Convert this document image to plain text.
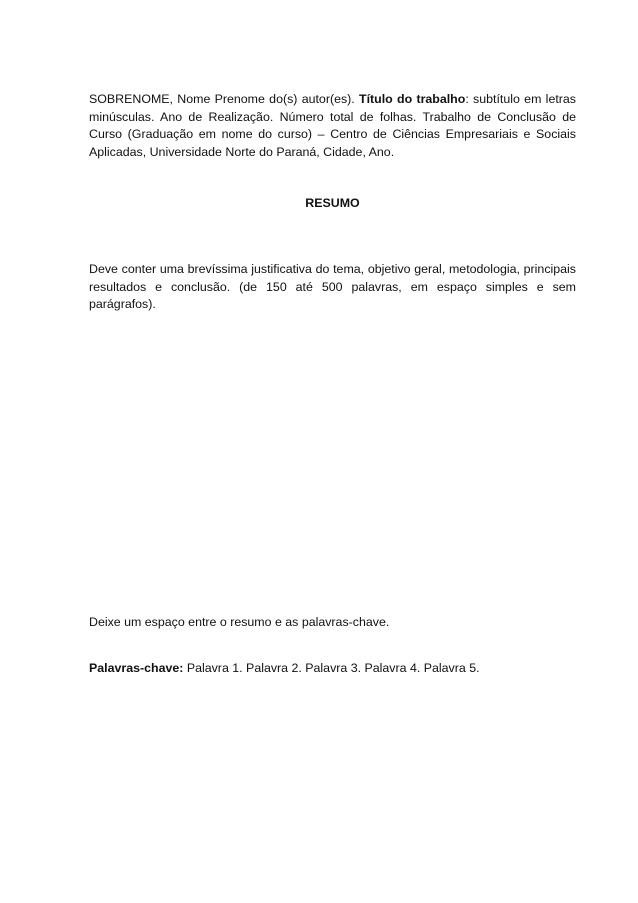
SOBRENOME, Nome Prenome do(s) autor(es). Título do trabalho: subtítulo em letras minúsculas. Ano de Realização. Número total de folhas. Trabalho de Conclusão de Curso (Graduação em nome do curso) – Centro de Ciências Empresariais e Sociais Aplicadas, Universidade Norte do Paraná, Cidade, Ano.

RESUMO

Deve conter uma brevíssima justificativa do tema, objetivo geral, metodologia, principais resultados e conclusão. (de 150 até 500 palavras, em espaço simples e sem parágrafos).

Deixe um espaço entre o resumo e as palavras-chave.

Palavras-chave: Palavra 1. Palavra 2. Palavra 3. Palavra 4. Palavra 5.
